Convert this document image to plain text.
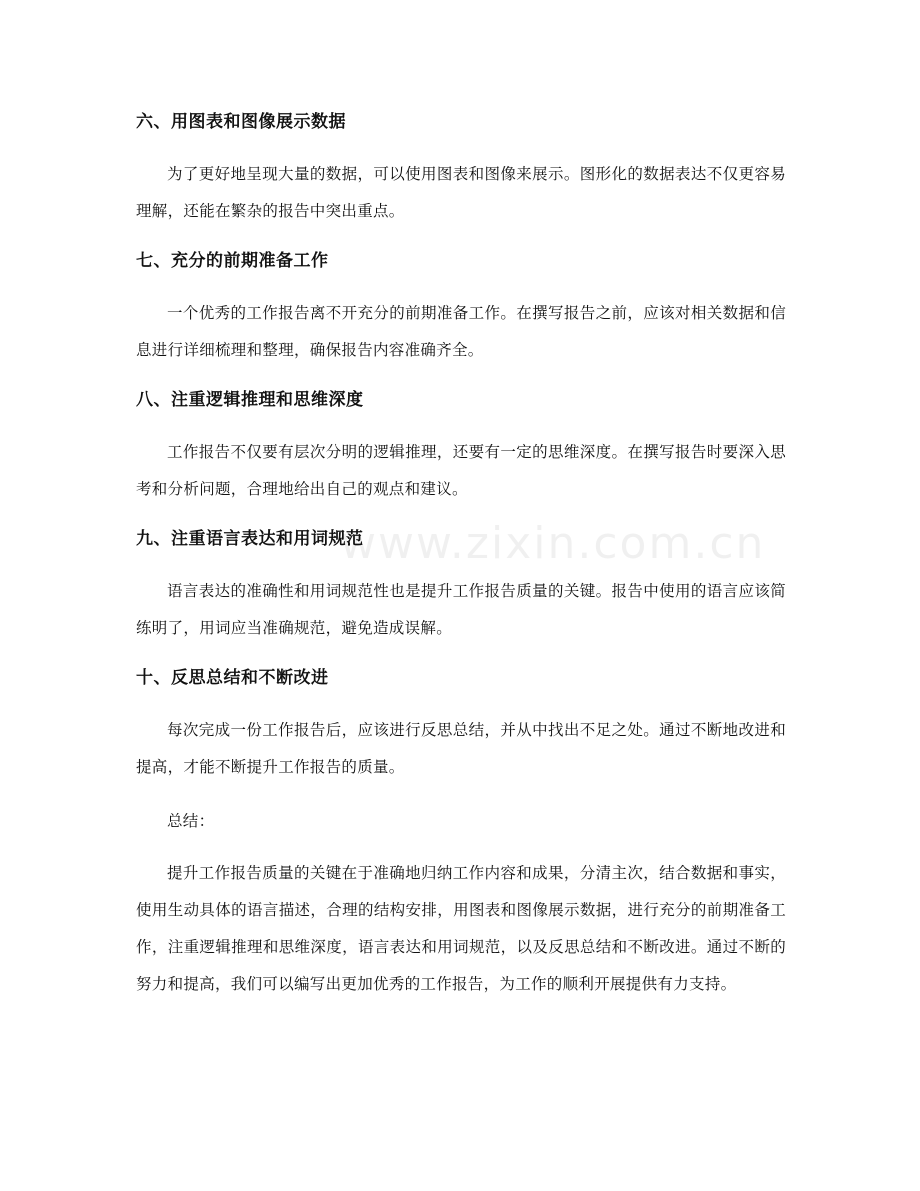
www.zixin.com.cn
六、用图表和图像展示数据

为了更好地呈现大量的数据，可以使用图表和图像来展示。图形化的数据表达不仅更容易理解，还能在繁杂的报告中突出重点。

七、充分的前期准备工作

一个优秀的工作报告离不开充分的前期准备工作。在撰写报告之前，应该对相关数据和信息进行详细梳理和整理，确保报告内容准确齐全。

八、注重逻辑推理和思维深度

工作报告不仅要有层次分明的逻辑推理，还要有一定的思维深度。在撰写报告时要深入思考和分析问题，合理地给出自己的观点和建议。

九、注重语言表达和用词规范

语言表达的准确性和用词规范性也是提升工作报告质量的关键。报告中使用的语言应该简练明了，用词应当准确规范，避免造成误解。

十、反思总结和不断改进

每次完成一份工作报告后，应该进行反思总结，并从中找出不足之处。通过不断地改进和提高，才能不断提升工作报告的质量。

总结：

提升工作报告质量的关键在于准确地归纳工作内容和成果，分清主次，结合数据和事实，使用生动具体的语言描述，合理的结构安排，用图表和图像展示数据，进行充分的前期准备工作，注重逻辑推理和思维深度，语言表达和用词规范，以及反思总结和不断改进。通过不断的努力和提高，我们可以编写出更加优秀的工作报告，为工作的顺利开展提供有力支持。
